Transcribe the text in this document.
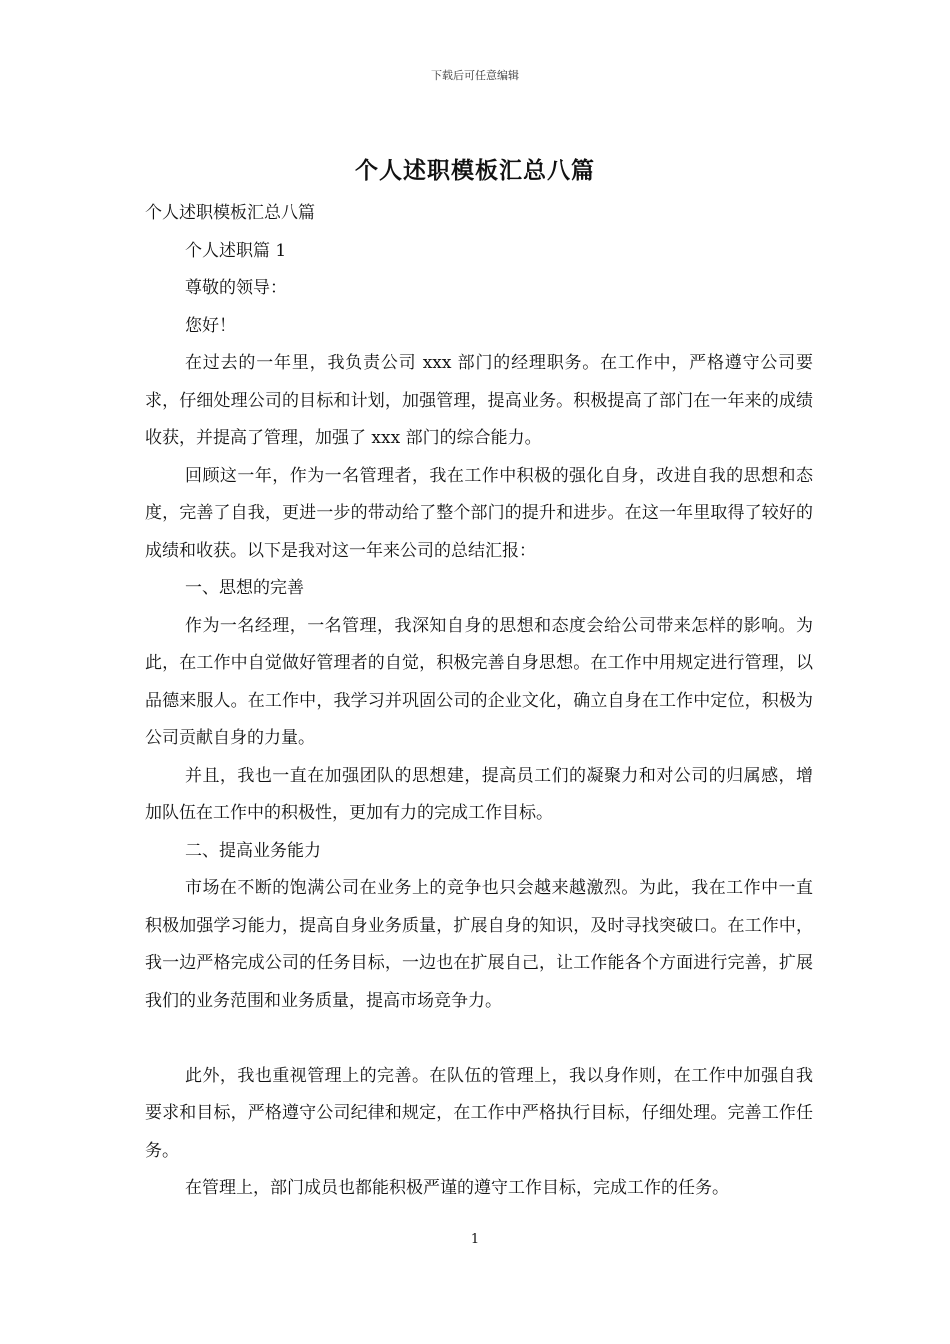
下载后可任意编辑
个人述职模板汇总八篇

个人述职模板汇总八篇

个人述职篇 1

尊敬的领导：

您好！

在过去的一年里，我负责公司 xxx 部门的经理职务。在工作中，严格遵守公司要求，仔细处理公司的目标和计划，加强管理，提高业务。积极提高了部门在一年来的成绩收获，并提高了管理，加强了 xxx 部门的综合能力。

回顾这一年，作为一名管理者，我在工作中积极的强化自身，改进自我的思想和态度，完善了自我，更进一步的带动给了整个部门的提升和进步。在这一年里取得了较好的成绩和收获。以下是我对这一年来公司的总结汇报：

一、思想的完善

作为一名经理，一名管理，我深知自身的思想和态度会给公司带来怎样的影响。为此，在工作中自觉做好管理者的自觉，积极完善自身思想。在工作中用规定进行管理，以品德来服人。在工作中，我学习并巩固公司的企业文化，确立自身在工作中定位，积极为公司贡献自身的力量。

并且，我也一直在加强团队的思想建，提高员工们的凝聚力和对公司的归属感，增加队伍在工作中的积极性，更加有力的完成工作目标。

二、提高业务能力

市场在不断的饱满公司在业务上的竞争也只会越来越激烈。为此，我在工作中一直积极加强学习能力，提高自身业务质量，扩展自身的知识，及时寻找突破口。在工作中，我一边严格完成公司的任务目标，一边也在扩展自己，让工作能各个方面进行完善，扩展我们的业务范围和业务质量，提高市场竞争力。

此外，我也重视管理上的完善。在队伍的管理上，我以身作则，在工作中加强自我要求和目标，严格遵守公司纪律和规定，在工作中严格执行目标，仔细处理。完善工作任务。

在管理上，部门成员也都能积极严谨的遵守工作目标，完成工作的任务。

1
